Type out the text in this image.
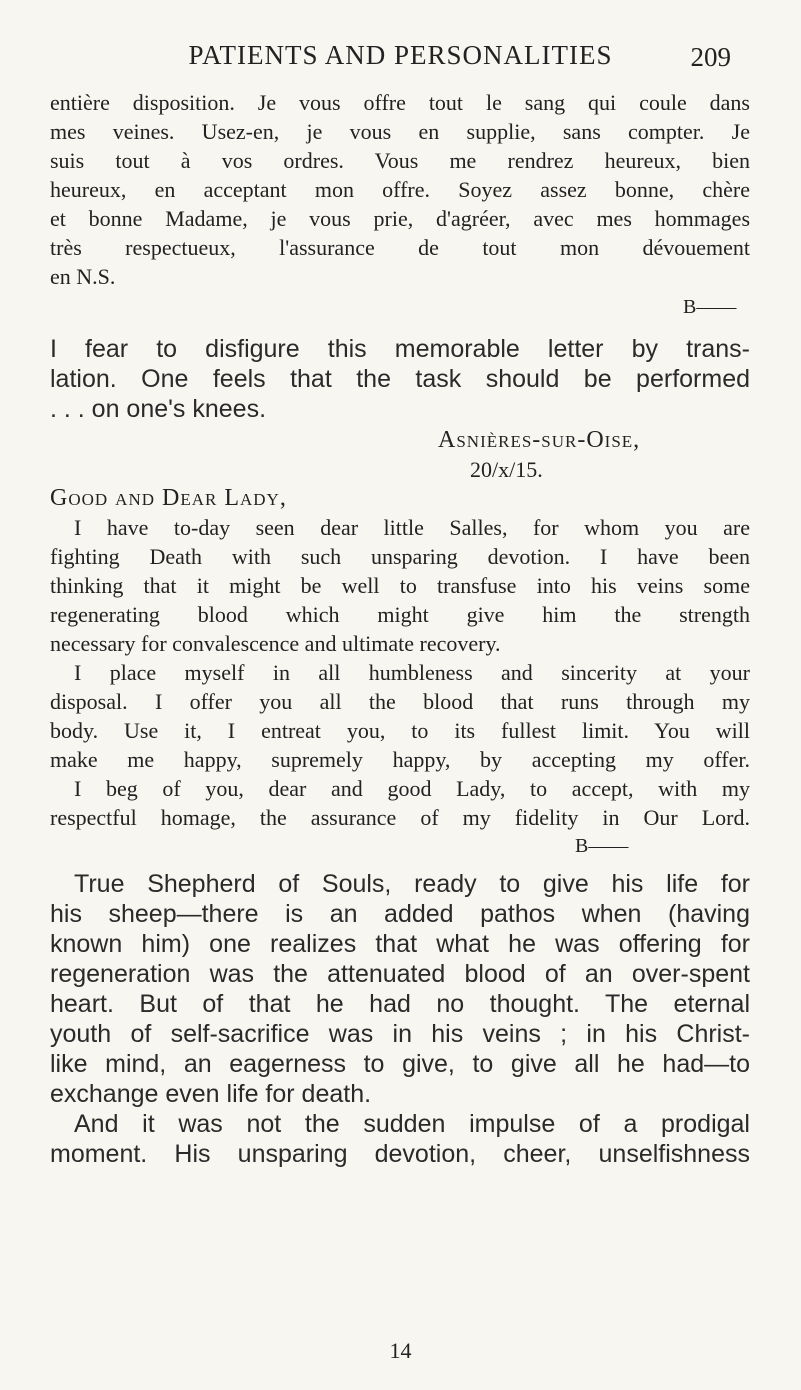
PATIENTS AND PERSONALITIES	209
entière disposition. Je vous offre tout le sang qui coule dans
mes veines. Usez-en, je vous en supplie, sans compter. Je
suis tout à vos ordres. Vous me rendrez heureux, bien
heureux, en acceptant mon offre. Soyez assez bonne, chère
et bonne Madame, je vous prie, d'agréer, avec mes hommages
très respectueux, l'assurance de tout mon dévouement
en N.S.
B——
I fear to disfigure this memorable letter by trans-
lation. One feels that the task should be performed
. . . on one's knees.
Asnières-sur-Oise,
20/x/15.
Good and Dear Lady,
I have to-day seen dear little Salles, for whom you are
fighting Death with such unsparing devotion. I have been
thinking that it might be well to transfuse into his veins some
regenerating blood which might give him the strength
necessary for convalescence and ultimate recovery.
I place myself in all humbleness and sincerity at your
disposal. I offer you all the blood that runs through my
body. Use it, I entreat you, to its fullest limit. You will
make me happy, supremely happy, by accepting my offer.
I beg of you, dear and good Lady, to accept, with my
respectful homage, the assurance of my fidelity in Our Lord.
B——
True Shepherd of Souls, ready to give his life for
his sheep—there is an added pathos when (having
known him) one realizes that what he was offering for
regeneration was the attenuated blood of an over-spent
heart. But of that he had no thought. The eternal
youth of self-sacrifice was in his veins ; in his Christ-
like mind, an eagerness to give, to give all he had—to
exchange even life for death.
And it was not the sudden impulse of a prodigal
moment. His unsparing devotion, cheer, unselfishness
14
